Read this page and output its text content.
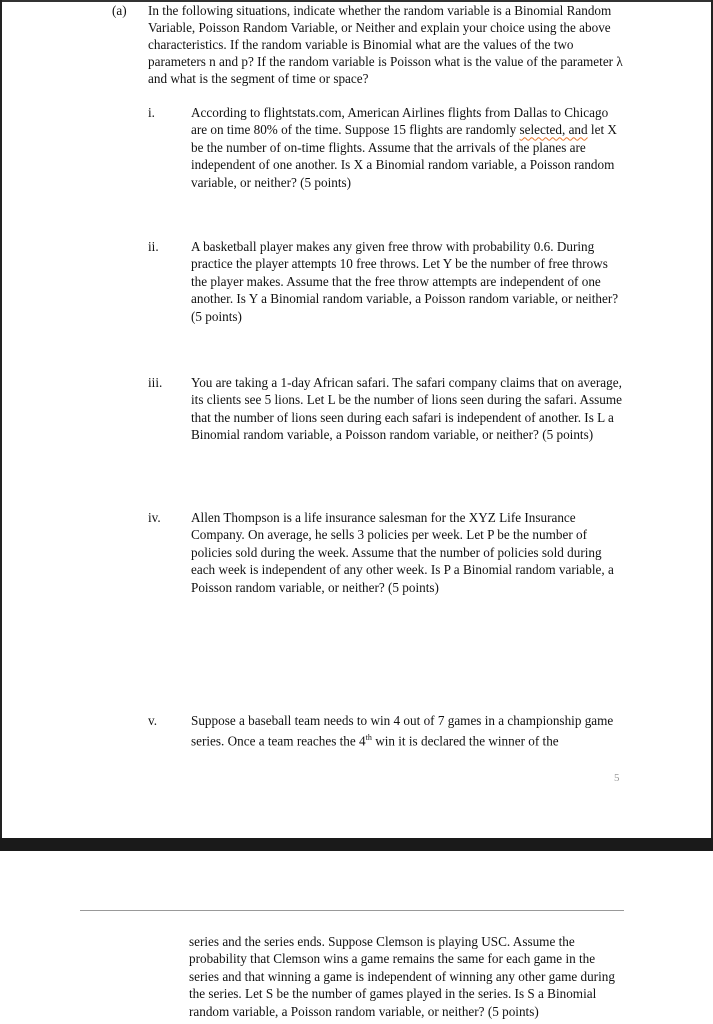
(a) In the following situations, indicate whether the random variable is a Binomial Random Variable, Poisson Random Variable, or Neither and explain your choice using the above characteristics. If the random variable is Binomial what are the values of the two parameters n and p? If the random variable is Poisson what is the value of the parameter λ and what is the segment of time or space?
i.	According to flightstats.com, American Airlines flights from Dallas to Chicago are on time 80% of the time. Suppose 15 flights are randomly selected, and let X be the number of on-time flights. Assume that the arrivals of the planes are independent of one another. Is X a Binomial random variable, a Poisson random variable, or neither? (5 points)
ii.	A basketball player makes any given free throw with probability 0.6. During practice the player attempts 10 free throws. Let Y be the number of free throws the player makes. Assume that the free throw attempts are independent of one another. Is Y a Binomial random variable, a Poisson random variable, or neither? (5 points)
iii.	You are taking a 1-day African safari. The safari company claims that on average, its clients see 5 lions. Let L be the number of lions seen during the safari. Assume that the number of lions seen during each safari is independent of another. Is L a Binomial random variable, a Poisson random variable, or neither? (5 points)
iv.	Allen Thompson is a life insurance salesman for the XYZ Life Insurance Company. On average, he sells 3 policies per week. Let P be the number of policies sold during the week. Assume that the number of policies sold during each week is independent of any other week. Is P a Binomial random variable, a Poisson random variable, or neither? (5 points)
v.	Suppose a baseball team needs to win 4 out of 7 games in a championship game series. Once a team reaches the 4th win it is declared the winner of the
5
series and the series ends. Suppose Clemson is playing USC. Assume the probability that Clemson wins a game remains the same for each game in the series and that winning a game is independent of winning any other game during the series. Let S be the number of games played in the series. Is S a Binomial random variable, a Poisson random variable, or neither? (5 points)
